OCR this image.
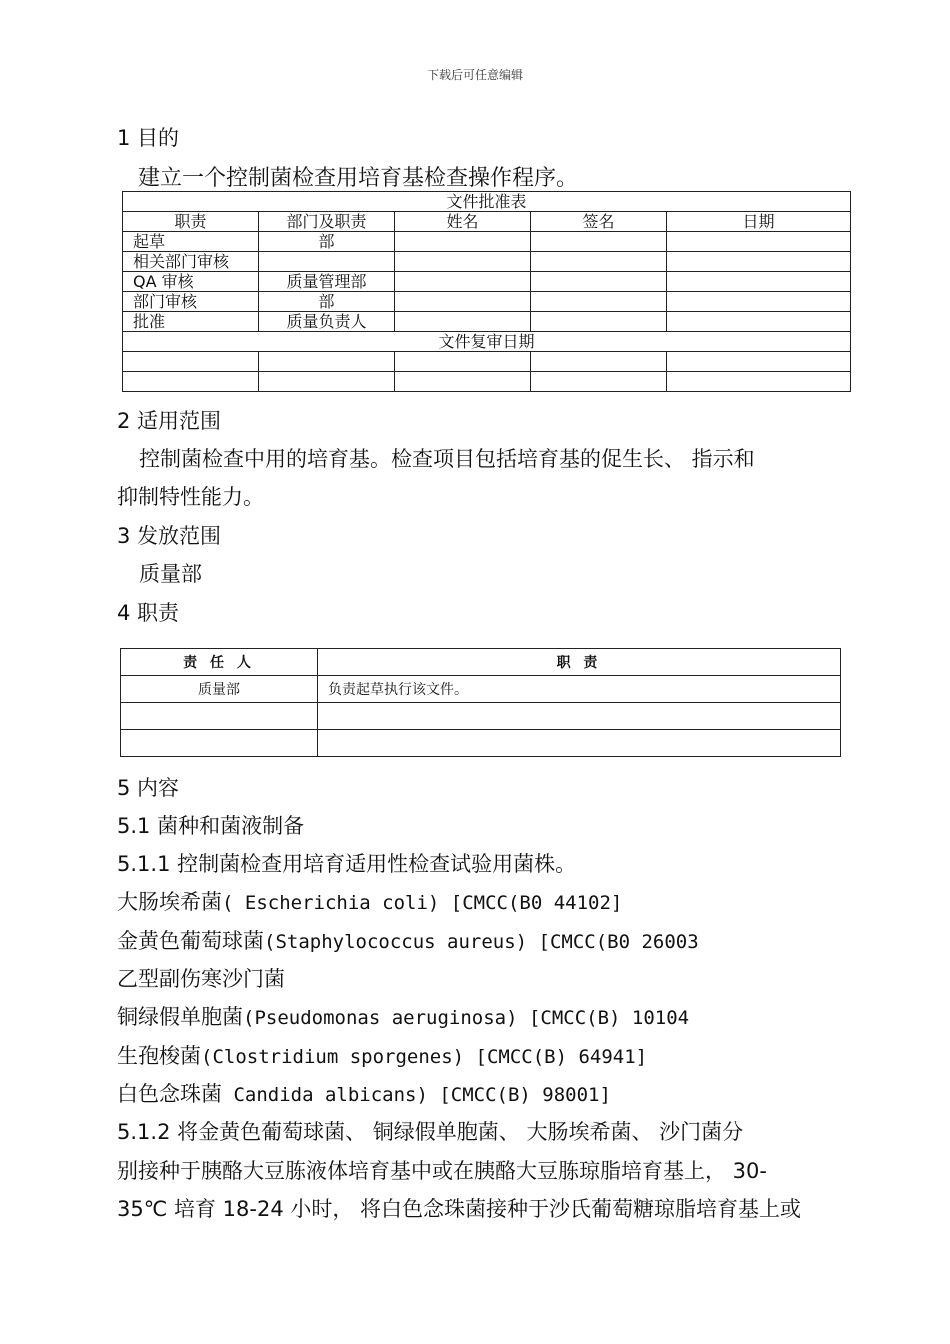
下载后可任意编辑
1 目的
建立一个控制菌检查用培育基检查操作程序。
文件批准表				
职责	部门及职责	姓名	签名	日期
起草	部			
相关部门审核				
QA 审核	质量管理部			
部门审核	部			
批准	质量负责人			
文件复审日期				

2 适用范围
控制菌检查中用的培育基。检查项目包括培育基的促生长、 指示和
抑制特性能力。
3 发放范围
质量部
4 职责
责 任 人	职 责
质量部	负责起草执行该文件。

5 内容
5.1 菌种和菌液制备
5.1.1 控制菌检查用培育适用性检查试验用菌株。
大肠埃希菌( Escherichia coli) [CMCC(B0 44102]
金黄色葡萄球菌(Staphylococcus aureus) [CMCC(B0 26003
乙型副伤寒沙门菌
铜绿假单胞菌(Pseudomonas aeruginosa) [CMCC(B) 10104
生孢梭菌(Clostridium sporgenes) [CMCC(B) 64941]
白色念珠菌 Candida albicans) [CMCC(B) 98001]
5.1.2 将金黄色葡萄球菌、 铜绿假单胞菌、 大肠埃希菌、 沙门菌分
别接种于胰酪大豆胨液体培育基中或在胰酪大豆胨琼脂培育基上， 30-
35℃ 培育 18-24 小时， 将白色念珠菌接种于沙氏葡萄糖琼脂培育基上或
